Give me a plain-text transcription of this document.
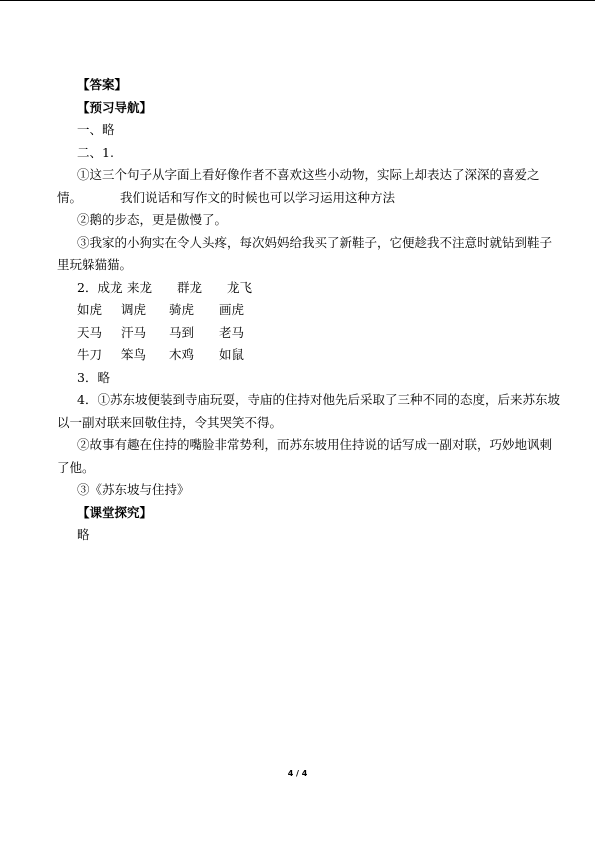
【答案】
【预习导航】
一、略
二、1.
①这三个句子从字面上看好像作者不喜欢这些小动物，实际上却表达了深深的喜爱之
情。	我们说话和写作文的时候也可以学习运用这种方法
②鹅的步态，更是傲慢了。
③我家的小狗实在令人头疼，每次妈妈给我买了新鞋子，它便趁我不注意时就钻到鞋子
里玩躲猫猫。
2．成龙 来龙	群龙	龙飞
如虎	调虎	骑虎	画虎
天马	汗马	马到	老马
牛刀	笨鸟	木鸡	如鼠
3．略
4．①苏东坡便装到寺庙玩耍，寺庙的住持对他先后采取了三种不同的态度，后来苏东坡
以一副对联来回敬住持，令其哭笑不得。
②故事有趣在住持的嘴脸非常势利，而苏东坡用住持说的话写成一副对联，巧妙地讽刺
了他。
③《苏东坡与住持》
【课堂探究】
略
4 / 4
